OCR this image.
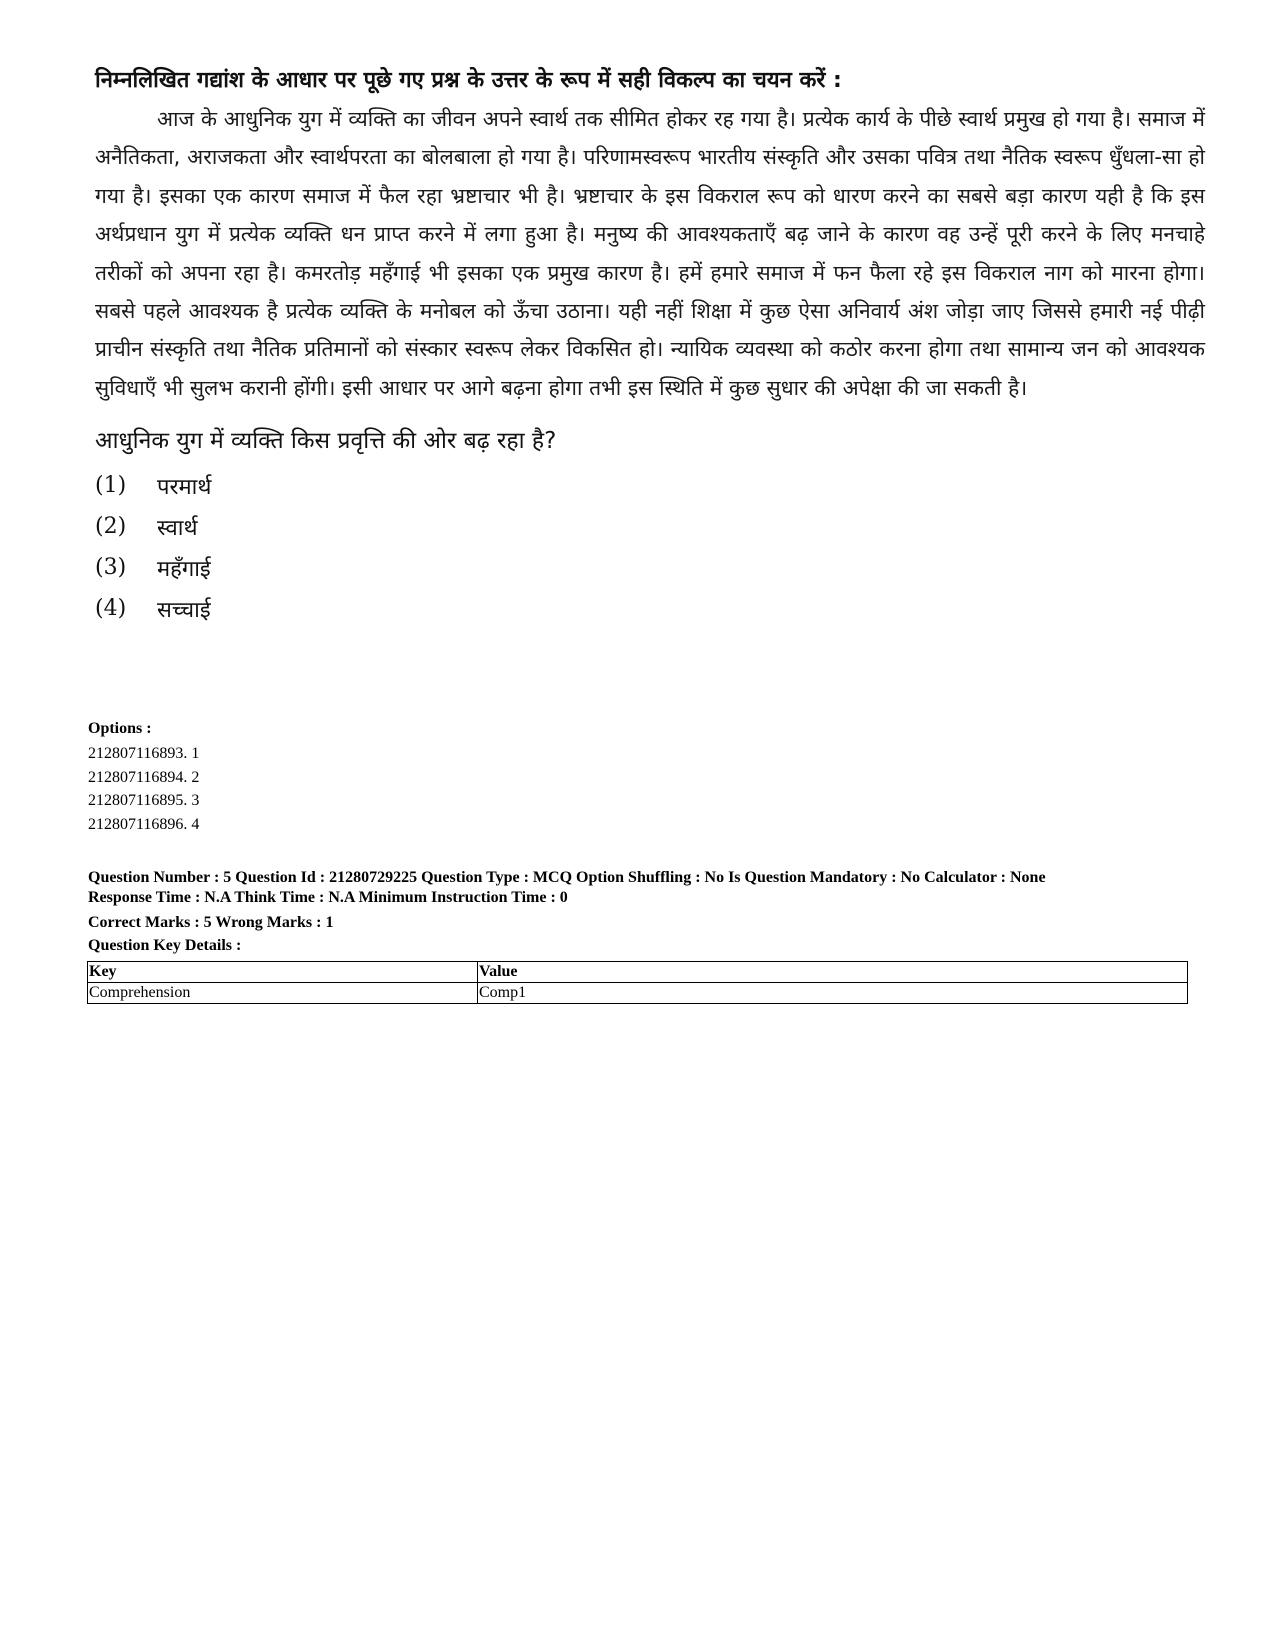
निम्नलिखित गद्यांश के आधार पर पूछे गए प्रश्न के उत्तर के रूप में सही विकल्प का चयन करें :

आज के आधुनिक युग में व्यक्ति का जीवन अपने स्वार्थ तक सीमित होकर रह गया है। प्रत्येक कार्य के पीछे स्वार्थ प्रमुख हो गया है। समाज में अनैतिकता, अराजकता और स्वार्थपरता का बोलबाला हो गया है। परिणामस्वरूप भारतीय संस्कृति और उसका पवित्र तथा नैतिक स्वरूप धुँधला-सा हो गया है। इसका एक कारण समाज में फैल रहा भ्रष्टाचार भी है। भ्रष्टाचार के इस विकराल रूप को धारण करने का सबसे बड़ा कारण यही है कि इस अर्थप्रधान युग में प्रत्येक व्यक्ति धन प्राप्त करने में लगा हुआ है। मनुष्य की आवश्यकताएँ बढ़ जाने के कारण वह उन्हें पूरी करने के लिए मनचाहे तरीकों को अपना रहा है। कमरतोड़ महँगाई भी इसका एक प्रमुख कारण है। हमें हमारे समाज में फन फैला रहे इस विकराल नाग को मारना होगा। सबसे पहले आवश्यक है प्रत्येक व्यक्ति के मनोबल को ऊँचा उठाना। यही नहीं शिक्षा में कुछ ऐसा अनिवार्य अंश जोड़ा जाए जिससे हमारी नई पीढ़ी प्राचीन संस्कृति तथा नैतिक प्रतिमानों को संस्कार स्वरूप लेकर विकसित हो। न्यायिक व्यवस्था को कठोर करना होगा तथा सामान्य जन को आवश्यक सुविधाएँ भी सुलभ करानी होंगी। इसी आधार पर आगे बढ़ना होगा तभी इस स्थिति में कुछ सुधार की अपेक्षा की जा सकती है।

आधुनिक युग में व्यक्ति किस प्रवृत्ति की ओर बढ़ रहा है?

(1)	परमार्थ
(2)	स्वार्थ
(3)	महँगाई
(4)	सच्चाई

Options :

212807116893. 1
212807116894. 2
212807116895. 3
212807116896. 4

Question Number : 5 Question Id : 21280729225 Question Type : MCQ Option Shuffling : No Is Question Mandatory : No Calculator : None

Response Time : N.A Think Time : N.A Minimum Instruction Time : 0

Correct Marks : 5 Wrong Marks : 1

Question Key Details :

Key	Value
Comprehension	Comp1
